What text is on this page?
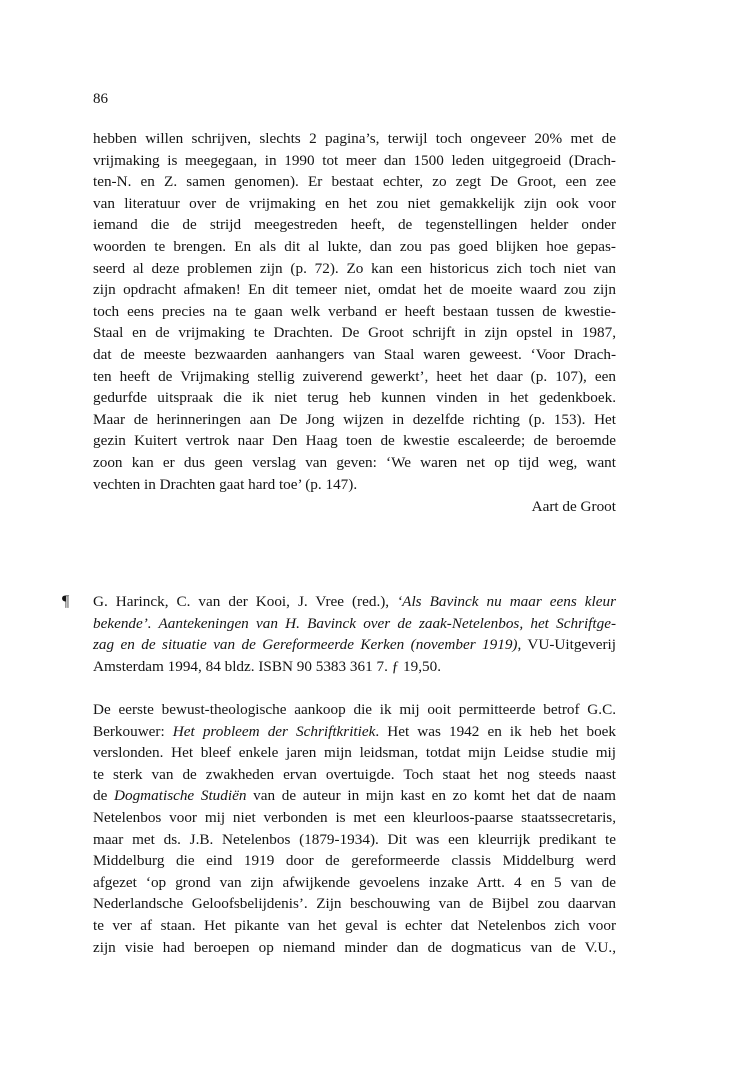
86
hebben willen schrijven, slechts 2 pagina’s, terwijl toch ongeveer 20% met de
vrijmaking is meegegaan, in 1990 tot meer dan 1500 leden uitgegroeid (Drach-
ten-N. en Z. samen genomen). Er bestaat echter, zo zegt De Groot, een zee
van literatuur over de vrijmaking en het zou niet gemakkelijk zijn ook voor
iemand die de strijd meegestreden heeft, de tegenstellingen helder onder
woorden te brengen. En als dit al lukte, dan zou pas goed blijken hoe gepas-
seerd al deze problemen zijn (p. 72). Zo kan een historicus zich toch niet van
zijn opdracht afmaken! En dit temeer niet, omdat het de moeite waard zou zijn
toch eens precies na te gaan welk verband er heeft bestaan tussen de kwestie-
Staal en de vrijmaking te Drachten. De Groot schrijft in zijn opstel in 1987,
dat de meeste bezwaarden aanhangers van Staal waren geweest. ‘Voor Drach-
ten heeft de Vrijmaking stellig zuiverend gewerkt’, heet het daar (p. 107), een
gedurfde uitspraak die ik niet terug heb kunnen vinden in het gedenkboek.
Maar de herinneringen aan De Jong wijzen in dezelfde richting (p. 153). Het
gezin Kuitert vertrok naar Den Haag toen de kwestie escaleerde; de beroemde
zoon kan er dus geen verslag van geven: ‘We waren net op tijd weg, want
vechten in Drachten gaat hard toe’ (p. 147).
Aart de Groot
¶ G. Harinck, C. van der Kooi, J. Vree (red.), ‘Als Bavinck nu maar eens kleur
bekende’. Aantekeningen van H. Bavinck over de zaak-Netelenbos, het Schriftge-
zag en de situatie van de Gereformeerde Kerken (november 1919), VU-Uitgeverij
Amsterdam 1994, 84 bldz. ISBN 90 5383 361 7. ƒ 19,50.
De eerste bewust-theologische aankoop die ik mij ooit permitteerde betrof G.C.
Berkouwer: Het probleem der Schriftkritiek. Het was 1942 en ik heb het boek
verslonden. Het bleef enkele jaren mijn leidsman, totdat mijn Leidse studie mij
te sterk van de zwakheden ervan overtuigde. Toch staat het nog steeds naast
de Dogmatische Studiën van de auteur in mijn kast en zo komt het dat de naam
Netelenbos voor mij niet verbonden is met een kleurloos-paarse staatssecretaris,
maar met ds. J.B. Netelenbos (1879-1934). Dit was een kleurrijk predikant te
Middelburg die eind 1919 door de gereformeerde classis Middelburg werd
afgezet ‘op grond van zijn afwijkende gevoelens inzake Artt. 4 en 5 van de
Nederlandsche Geloofsbelijdenis’. Zijn beschouwing van de Bijbel zou daarvan
te ver af staan. Het pikante van het geval is echter dat Netelenbos zich voor
zijn visie had beroepen op niemand minder dan de dogmaticus van de V.U.,
